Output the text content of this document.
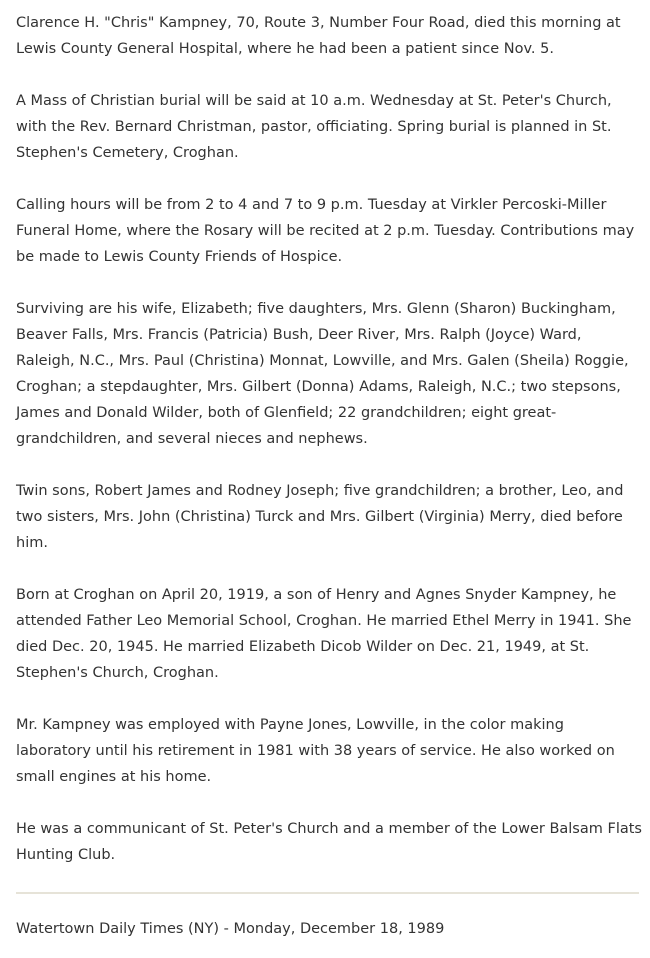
Clarence H. "Chris" Kampney, 70, Route 3, Number Four Road, died this morning at Lewis County General Hospital, where he had been a patient since Nov. 5.

A Mass of Christian burial will be said at 10 a.m. Wednesday at St. Peter's Church, with the Rev. Bernard Christman, pastor, officiating. Spring burial is planned in St. Stephen's Cemetery, Croghan.

Calling hours will be from 2 to 4 and 7 to 9 p.m. Tuesday at Virkler Percoski-Miller Funeral Home, where the Rosary will be recited at 2 p.m. Tuesday. Contributions may be made to Lewis County Friends of Hospice.

Surviving are his wife, Elizabeth; five daughters, Mrs. Glenn (Sharon) Buckingham, Beaver Falls, Mrs. Francis (Patricia) Bush, Deer River, Mrs. Ralph (Joyce) Ward, Raleigh, N.C., Mrs. Paul (Christina) Monnat, Lowville, and Mrs. Galen (Sheila) Roggie, Croghan; a stepdaughter, Mrs. Gilbert (Donna) Adams, Raleigh, N.C.; two stepsons, James and Donald Wilder, both of Glenfield; 22 grandchildren; eight great-grandchildren, and several nieces and nephews.

Twin sons, Robert James and Rodney Joseph; five grandchildren; a brother, Leo, and two sisters, Mrs. John (Christina) Turck and Mrs. Gilbert (Virginia) Merry, died before him.

Born at Croghan on April 20, 1919, a son of Henry and Agnes Snyder Kampney, he attended Father Leo Memorial School, Croghan. He married Ethel Merry in 1941. She died Dec. 20, 1945. He married Elizabeth Dicob Wilder on Dec. 21, 1949, at St. Stephen's Church, Croghan.

Mr. Kampney was employed with Payne Jones, Lowville, in the color making laboratory until his retirement in 1981 with 38 years of service. He also worked on small engines at his home.

He was a communicant of St. Peter's Church and a member of the Lower Balsam Flats Hunting Club.

Watertown Daily Times (NY) - Monday, December 18, 1989
